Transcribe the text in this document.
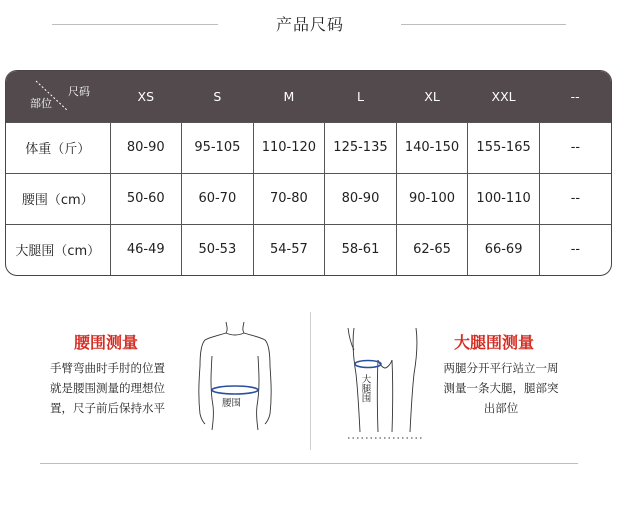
产品尺码
尺码
部位	XS	S	M	L	XL	XXL	--
体重（斤）	80-90	95-105	110-120	125-135	140-150	155-165	--
腰围（cm）	50-60	60-70	70-80	80-90	90-100	100-110	--
大腿围（cm）	46-49	50-53	54-57	58-61	62-65	66-69	--
腰围测量
手臂弯曲时手肘的位置
就是腰围测量的理想位
置，尺子前后保持水平	腰围
大腿围
大腿围测量
两腿分开平行站立一周
测量一条大腿，腿部突
出部位
